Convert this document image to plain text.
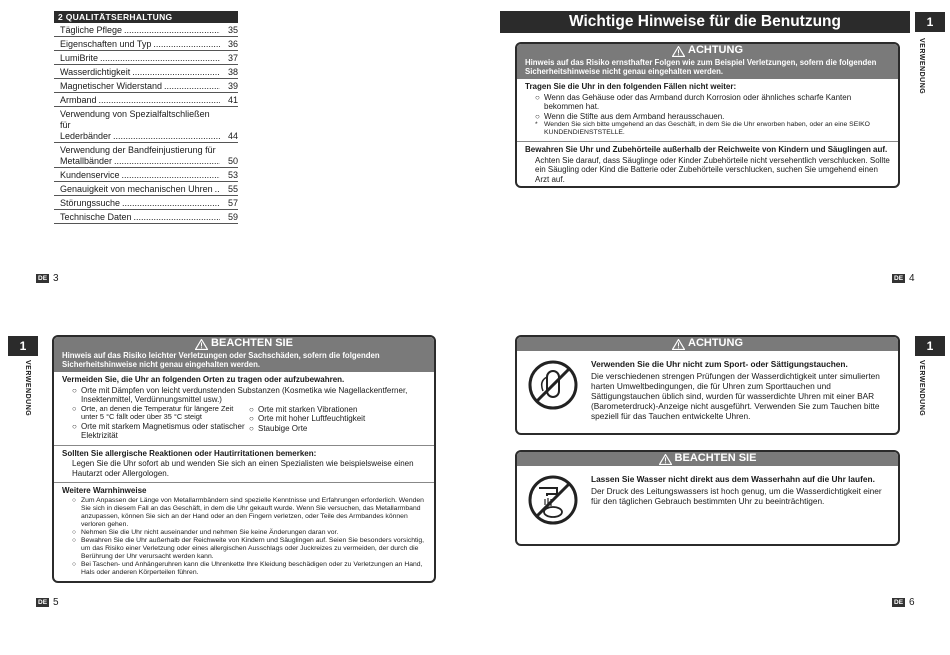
2 QUALITÄTSERHALTUNG
Tägliche Pflege .....	35
Eigenschaften und Typ .....	36
LumiBrite .....	37
Wasserdichtigkeit .....	38
Magnetischer Widerstand .....	39
Armband .....	41
Verwendung von Spezialfaltschließen für
Lederbänder .....	44
Verwendung der Bandfeinjustierung für
Metallbänder .....	50
Kundenservice .....	53
Genauigkeit von mechanischen Uhren .....	55
Störungssuche .....	57
Technische Daten .....	59
DE 3
Wichtige Hinweise für die Benutzung	1
VERWENDUNG
ACHTUNG
Hinweis auf das Risiko ernsthafter Folgen wie zum Beispiel Verletzungen, sofern die folgenden Sicherheitshinweise nicht genau eingehalten werden.
Tragen Sie die Uhr in den folgenden Fällen nicht weiter:
○ Wenn das Gehäuse oder das Armband durch Korrosion oder ähnliches scharfe Kanten bekommen hat.
○ Wenn die Stifte aus dem Armband herausschauen.
* Wenden Sie sich bitte umgehend an das Geschäft, in dem Sie die Uhr erworben haben, oder an eine SEIKO KUNDENDIENSTSTELLE.
Bewahren Sie Uhr und Zubehörteile außerhalb der Reichweite von Kindern und Säuglingen auf.
Achten Sie darauf, dass Säuglinge oder Kinder Zubehörteile nicht versehentlich verschlucken. Sollte ein Säugling oder Kind die Batterie oder Zubehörteile verschlucken, suchen Sie umgehend einen Arzt auf.
DE 4
1
VERWENDUNG
BEACHTEN SIE
Hinweis auf das Risiko leichter Verletzungen oder Sachschäden, sofern die folgenden Sicherheitshinweise nicht genau eingehalten werden.
Vermeiden Sie, die Uhr an folgenden Orten zu tragen oder aufzubewahren.
○ Orte mit Dämpfen von leicht verdunstenden Substanzen (Kosmetika wie Nagellackentferner, Insektenmittel, Verdünnungsmittel usw.)
○ Orte, an denen die Temperatur für längere Zeit unter 5 °C fällt oder über 35 °C steigt
○ Orte mit starkem Magnetismus oder statischer Elektrizität
○ Orte mit starken Vibrationen
○ Orte mit hoher Luftfeuchtigkeit
○ Staubige Orte
Sollten Sie allergische Reaktionen oder Hautirritationen bemerken:
Legen Sie die Uhr sofort ab und wenden Sie sich an einen Spezialisten wie beispielsweise einen Hautarzt oder Allergologen.
Weitere Warnhinweise
○ Zum Anpassen der Länge von Metallarmbändern sind spezielle Kenntnisse und Erfahrungen erforderlich. Wenden Sie sich in diesem Fall an das Geschäft, in dem die Uhr gekauft wurde. Wenn Sie versuchen, das Metallarmband anzupassen, können Sie sich an der Hand oder an den Fingern verletzen, oder Teile des Armbandes können verloren gehen.
○ Nehmen Sie die Uhr nicht auseinander und nehmen Sie keine Änderungen daran vor.
○ Bewahren Sie die Uhr außerhalb der Reichweite von Kindern und Säuglingen auf. Seien Sie besonders vorsichtig, um das Risiko einer Verletzung oder eines allergischen Ausschlags oder Juckreizes zu vermeiden, der durch die Berührung der Uhr verursacht werden kann.
○ Bei Taschen- und Anhängeruhren kann die Uhrenkette Ihre Kleidung beschädigen oder zu Verletzungen an Hand, Hals oder anderen Körperteilen führen.
DE 5
1
VERWENDUNG
ACHTUNG
Verwenden Sie die Uhr nicht zum Sport- oder Sättigungstauchen.
Die verschiedenen strengen Prüfungen der Wasserdichtigkeit unter simulierten harten Umweltbedingungen, die für Uhren zum Sporttauchen und Sättigungstauchen üblich sind, wurden für wasserdichte Uhren mit einer BAR (Barometerdruck)-Anzeige nicht ausgeführt. Verwenden Sie zum Tauchen bitte speziell für das Tauchen entwickelte Uhren.
BEACHTEN SIE
Lassen Sie Wasser nicht direkt aus dem Wasserhahn auf die Uhr laufen.
Der Druck des Leitungswassers ist hoch genug, um die Wasserdichtigkeit einer für den täglichen Gebrauch bestimmten Uhr zu beeinträchtigen.
DE 6
